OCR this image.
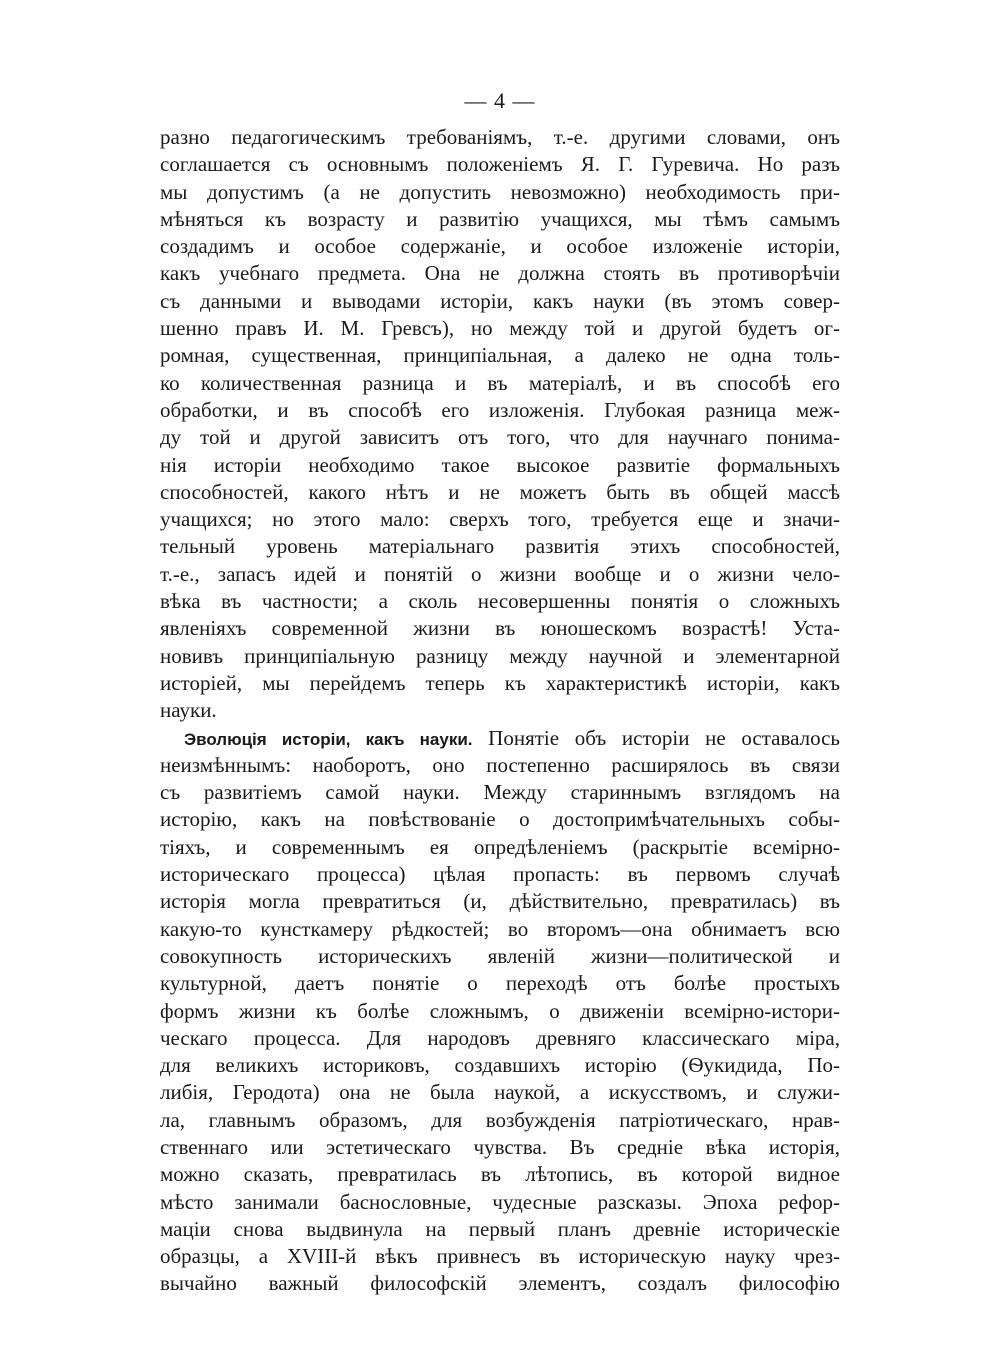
— 4 —
разно педагогическимъ требованіямъ, т.-е. другими словами, онъ
соглашается съ основнымъ положеніемъ Я. Г. Гуревича. Но разъ
мы допустимъ (а не допустить невозможно) необходимость при-
мѣняться къ возрасту и развитію учащихся, мы тѣмъ самымъ
создадимъ и особое содержаніе, и особое изложеніе исторіи,
какъ учебнаго предмета. Она не должна стоять въ противорѣчіи
съ данными и выводами исторіи, какъ науки (въ этомъ совер-
шенно правъ И. М. Гревсъ), но между той и другой будетъ ог-
ромная, существенная, принципіальная, а далеко не одна толь-
ко количественная разница и въ матеріалѣ, и въ способѣ его
обработки, и въ способѣ его изложенія. Глубокая разница меж-
ду той и другой зависитъ отъ того, что для научнаго понима-
нія исторіи необходимо такое высокое развитіе формальныхъ
способностей, какого нѣтъ и не можетъ быть въ общей массѣ
учащихся; но этого мало: сверхъ того, требуется еще и значи-
тельный уровень матеріальнаго развитія этихъ способностей,
т.-е., запасъ идей и понятій о жизни вообще и о жизни чело-
вѣка въ частности; а сколь несовершенны понятія о сложныхъ
явленіяхъ современной жизни въ юношескомъ возрастѣ! Уста-
новивъ принципіальную разницу между научной и элементарной
исторіей, мы перейдемъ теперь къ характеристикѣ исторіи, какъ
науки.
Эволюція исторіи, какъ науки. Понятіе объ исторіи не оставалось
неизмѣннымъ: наоборотъ, оно постепенно расширялось въ связи
съ развитіемъ самой науки. Между стариннымъ взглядомъ на
исторію, какъ на повѣствованіе о достопримѣчательныхъ собы-
тіяхъ, и современнымъ ея опредѣленіемъ (раскрытіе всемірно-
историческаго процесса) цѣлая пропасть: въ первомъ случаѣ
исторія могла превратиться (и, дѣйствительно, превратилась) въ
какую-то кунсткамеру рѣдкостей; во второмъ—она обнимаетъ всю
совокупность историческихъ явленій жизни—политической и
культурной, даетъ понятіе о переходѣ отъ болѣе простыхъ
формъ жизни къ болѣе сложнымъ, о движеніи всемірно-истори-
ческаго процесса. Для народовъ древняго классическаго міра,
для великихъ историковъ, создавшихъ исторію (Ѳукидида, По-
либія, Геродота) она не была наукой, а искусствомъ, и служи-
ла, главнымъ образомъ, для возбужденія патріотическаго, нрав-
ственнаго или эстетическаго чувства. Въ средніе вѣка исторія,
можно сказать, превратилась въ лѣтопись, въ которой видное
мѣсто занимали баснословные, чудесные разсказы. Эпоха рефор-
маціи снова выдвинула на первый планъ древніе историческіе
образцы, а XVIII-й вѣкъ привнесъ въ историческую науку чрез-
вычайно важный философскій элементъ, создалъ философію
